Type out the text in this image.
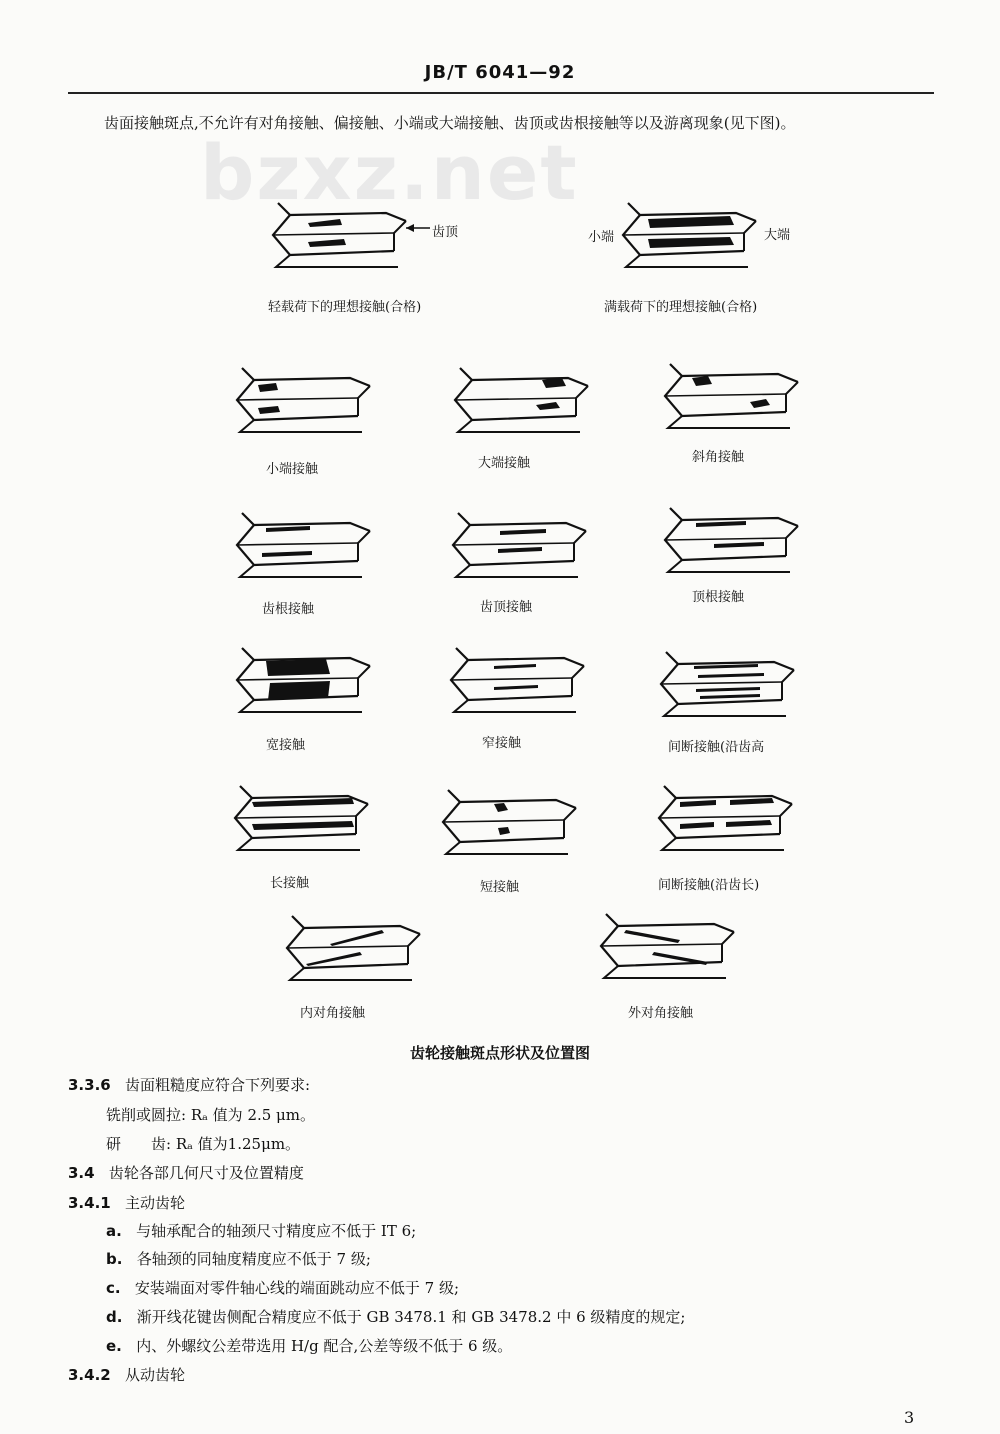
JB/T 6041—92
bzxz.net
齿面接触斑点,不允许有对角接触、偏接触、小端或大端接触、齿顶或齿根接触等以及游离现象(见下图)。
齿顶
轻载荷下的理想接触(合格)
小端	大端
满载荷下的理想接触(合格)
小端接触	大端接触	斜角接触
齿根接触	齿顶接触
顶根接触
宽接触	窄接触	间断接触(沿齿高
长接触	短接触	间断接触(沿齿长)
内对角接触	外对角接触
齿轮接触斑点形状及位置图
3.3.6 齿面粗糙度应符合下列要求:
铣削或圆拉: Rₐ 值为 2.5 μm。
研　　齿: Rₐ 值为1.25μm。
3.4 齿轮各部几何尺寸及位置精度
3.4.1 主动齿轮
a. 与轴承配合的轴颈尺寸精度应不低于 IT 6;
b. 各轴颈的同轴度精度应不低于 7 级;
c. 安装端面对零件轴心线的端面跳动应不低于 7 级;
d. 渐开线花键齿侧配合精度应不低于 GB 3478.1 和 GB 3478.2 中 6 级精度的规定;
e. 内、外螺纹公差带选用 H/g 配合,公差等级不低于 6 级。
3.4.2 从动齿轮
3
